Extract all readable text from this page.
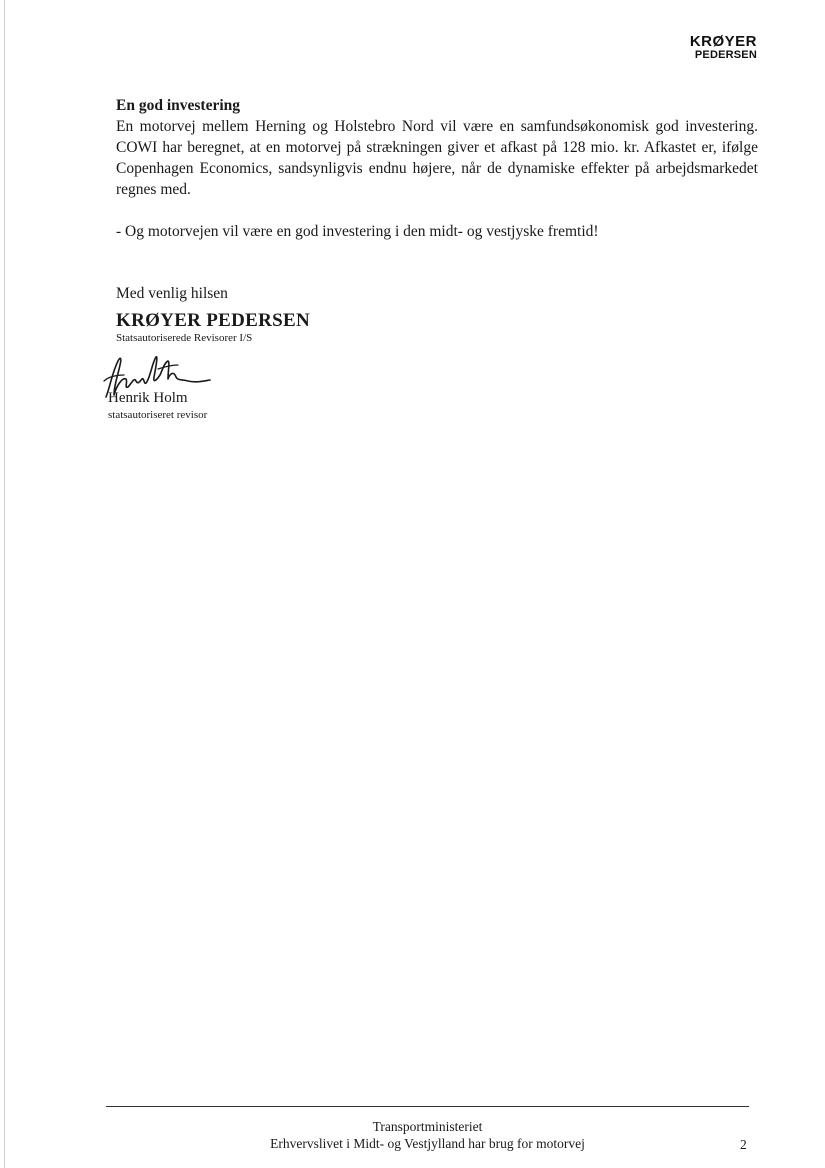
KRØYER
PEDERSEN

En god investering

En motorvej mellem Herning og Holstebro Nord vil være en samfundsøkonomisk god investering. COWI har beregnet, at en motorvej på strækningen giver et afkast på 128 mio. kr. Afkastet er, ifølge Copenhagen Economics, sandsynligvis endnu højere, når de dynamiske effekter på arbejdsmarkedet regnes med.

- Og motorvejen vil være en god investering i den midt- og vestjyske fremtid!

Med venlig hilsen

KRØYER PEDERSEN

Statsautoriserede Revisorer I/S

Henrik Holm
statsautoriseret revisor
Transportministeriet
Erhvervslivet i Midt- og Vestjylland har brug for motorvej	2
